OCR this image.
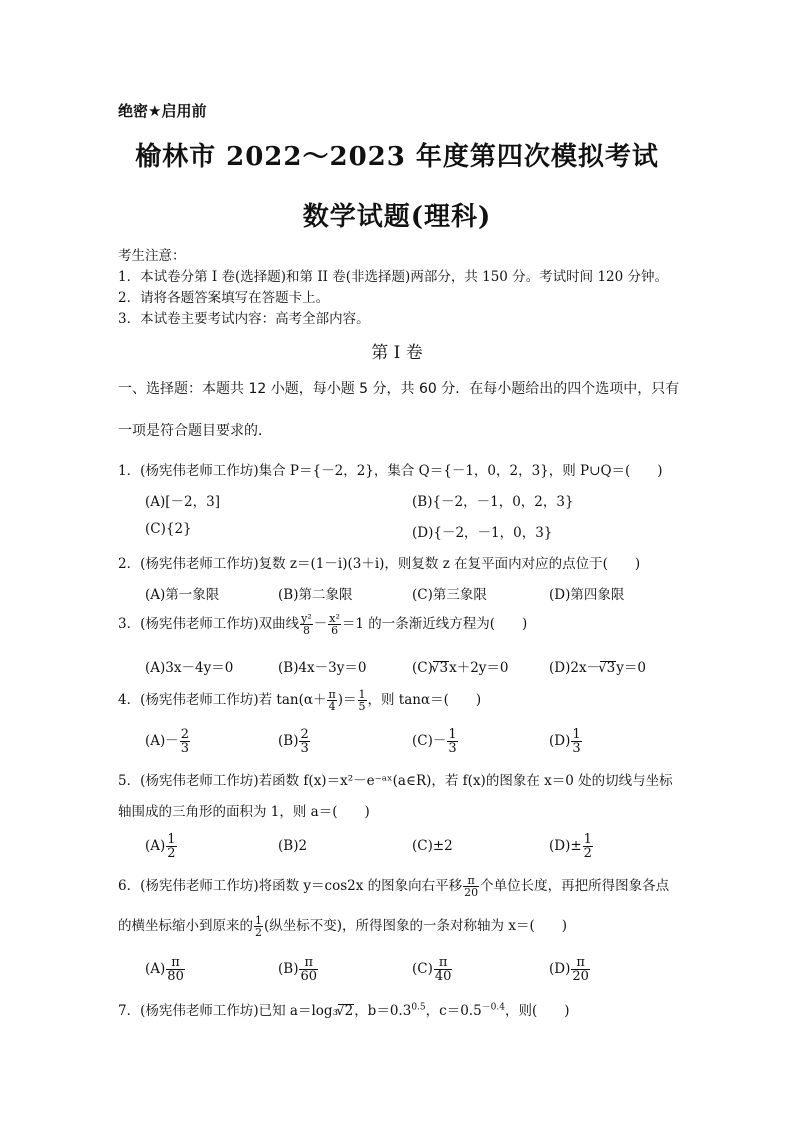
绝密★启用前
榆林市 2022～2023 年度第四次模拟考试
数学试题(理科)
考生注意：
1．本试卷分第 I 卷(选择题)和第 II 卷(非选择题)两部分，共 150 分。考试时间 120 分钟。
2．请将各题答案填写在答题卡上。
3．本试卷主要考试内容：高考全部内容。
第 I 卷
一、选择题：本题共 12 小题，每小题 5 分，共 60 分．在每小题给出的四个选项中，只有
一项是符合题目要求的．
1．(杨宪伟老师工作坊)集合 P＝{－2，2}，集合 Q＝{－1，0，2，3}，则 P∪Q＝(　　)
(A)[－2，3]	(B){－2，－1，0，2，3}
(C){2}	(D){－2，－1，0，3}
2．(杨宪伟老师工作坊)复数 z＝(1－i)(3＋i)，则复数 z 在复平面内对应的点位于(　　)
(A)第一象限	(B)第二象限	(C)第三象限	(D)第四象限
3．(杨宪伟老师工作坊)双曲线 $\frac{\text{y²}}{8} - \frac{\text{x²}}{6} =1$ 的一条渐近线方程为(　　)
(A)3x－4y＝0	(B)4x－3y＝0	(C) √ 3x＋2y＝0	(D)2x－ √ 3y＝0
4．(杨宪伟老师工作坊)若 $\tan(\alpha+ \frac{\pi}{4}$ )＝ $\frac{1}{5}$ ，则 tanα＝(　　)
$(A)- \frac{2}{3}$	$(B) \frac{2}{3}$	$(C)- \frac{1}{3}$	$(D) \frac{1}{3}$
5．(杨宪伟老师工作坊)若函数 f(x)＝x²－e⁻ᵃˣ(a∈R)，若 f(x)的图象在 x＝0 处的切线与坐标
轴围成的三角形的面积为 1，则 a＝(　　)
$(A) \frac{1}{2}$	(B)2	(C)±2	$(D)\pm \frac{1}{2}$
6．(杨宪伟老师工作坊)将函数 y＝cos2x 的图象向右平移 $\frac{\pi}{20}$ 个单位长度，再把所得图象各点
的横坐标缩小到原来的 $\frac{1}{2}$ (纵坐标不变)，所得图象的一条对称轴为 x＝(　　)
$(A) \frac{\pi}{80}$	$(B) \frac{\pi}{60}$	$(C) \frac{\pi}{40}$	$(D) \frac{\pi}{20}$
7．(杨宪伟老师工作坊)已知 a＝log₃ √ 2，$b=0.3^{0.5}$，$c=0.5^{-0.4}$，则(　　)
